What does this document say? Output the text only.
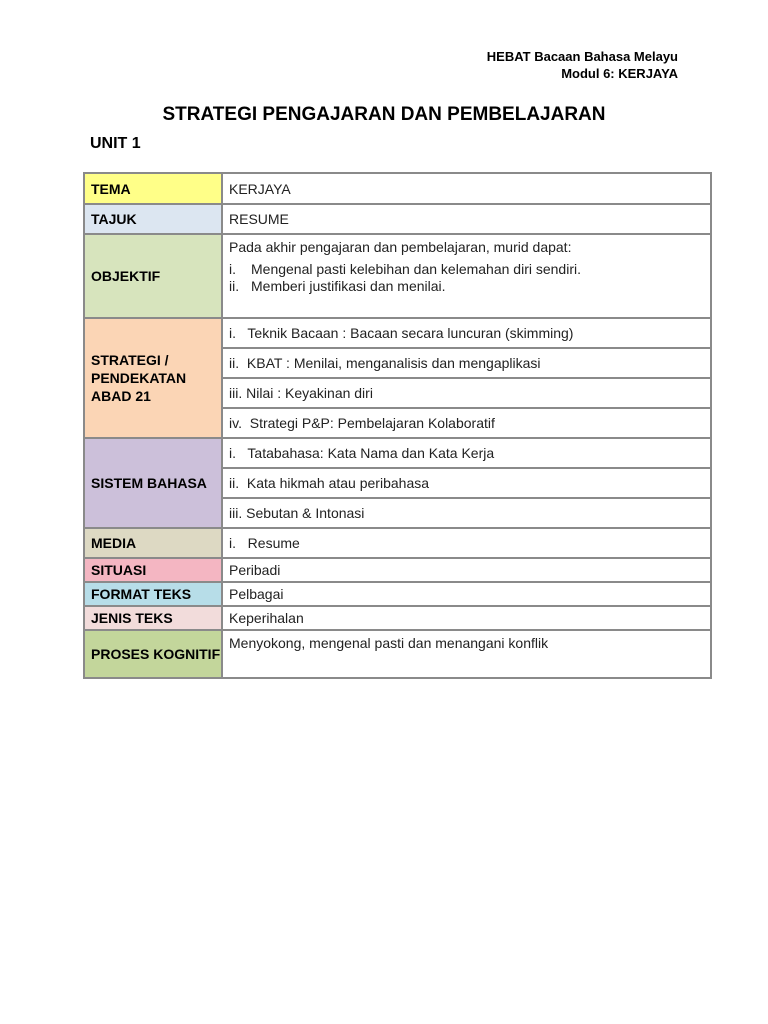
HEBAT Bacaan Bahasa Melayu
Modul 6: KERJAYA
STRATEGI PENGAJARAN DAN PEMBELAJARAN
UNIT 1
TEMA	KERJAYA
TAJUK	RESUME
OBJEKTIF	Pada akhir pengajaran dan pembelajaran, murid dapat:
i. Mengenal pasti kelebihan dan kelemahan diri sendiri.
ii. Memberi justifikasi dan menilai.

STRATEGI / PENDEKATAN ABAD 21	i.   Teknik Bacaan : Bacaan secara luncuran (skimming)
	ii.  KBAT : Menilai, menganalisis dan mengaplikasi
	iii. Nilai : Keyakinan diri
	iv.  Strategi P&P: Pembelajaran Kolaboratif
SISTEM BAHASA	i.   Tatabahasa: Kata Nama dan Kata Kerja
	ii.  Kata hikmah atau peribahasa
	iii. Sebutan & Intonasi
MEDIA	i.   Resume
SITUASI	Peribadi
FORMAT TEKS	Pelbagai
JENIS TEKS	Keperihalan
PROSES KOGNITIF	Menyokong, mengenal pasti dan menangani konflik
